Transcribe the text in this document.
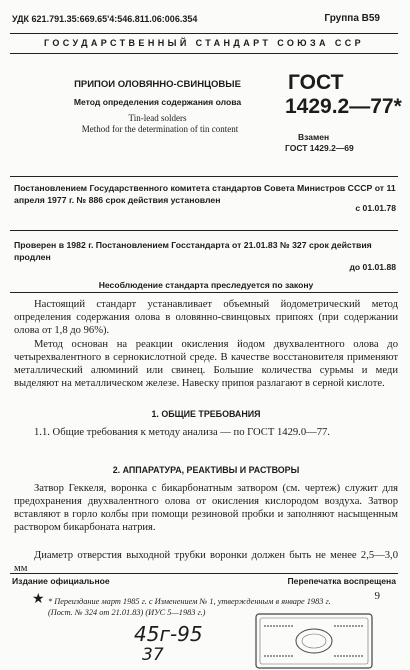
УДК 621.791.35:669.65'4:546.811.06:006.354	Группа В59
ГОСУДАРСТВЕННЫЙ СТАНДАРТ СОЮЗА ССР
ПРИПОИ ОЛОВЯННО-СВИНЦОВЫЕ
Метод определения содержания олова
Tin-lead solders
Method for the determination of tin content
ГОСТ
1429.2—77*
Взамен
ГОСТ 1429.2—69
Постановлением Государственного комитета стандартов Совета Министров СССР от 11 апреля 1977 г. № 886 срок действия установлен
с 01.01.78
Проверен в 1982 г. Постановлением Госстандарта от 21.01.83 № 327 срок действия продлен
до 01.01.88
Несоблюдение стандарта преследуется по закону
Настоящий стандарт устанавливает объемный йодометрический метод определения содержания олова в оловянно-свинцовых припоях (при содержании олова от 1,8 до 96%).
Метод основан на реакции окисления йодом двухвалентного олова до четырехвалентного в сернокислотной среде. В качестве восстановителя применяют металлический алюминий или свинец. Большие количества сурьмы и меди выделяют на металлическом железе. Навеску припоя разлагают в серной кислоте.
1. ОБЩИЕ ТРЕБОВАНИЯ
1.1. Общие требования к методу анализа — по ГОСТ 1429.0—77.
2. АППАРАТУРА, РЕАКТИВЫ И РАСТВОРЫ
Затвор Геккеля, воронка с бикарбонатным затвором (см. чертеж) служит для предохранения двухвалентного олова от окисления кислородом воздуха. Затвор вставляют в горло колбы при помощи резиновой пробки и заполняют насыщенным раствором бикарбоната натрия.
Диаметр отверстия выходной трубки воронки должен быть не менее 2,5—3,0 мм
Издание официальное	Перепечатка воспрещена
★ * Переиздание март 1985 г. с Изменением № 1, утвержденным в январе 1983 г. (Пост. № 324 от 21.01.83) (ИУС 5—1983 г.)
9
45г-95
37
